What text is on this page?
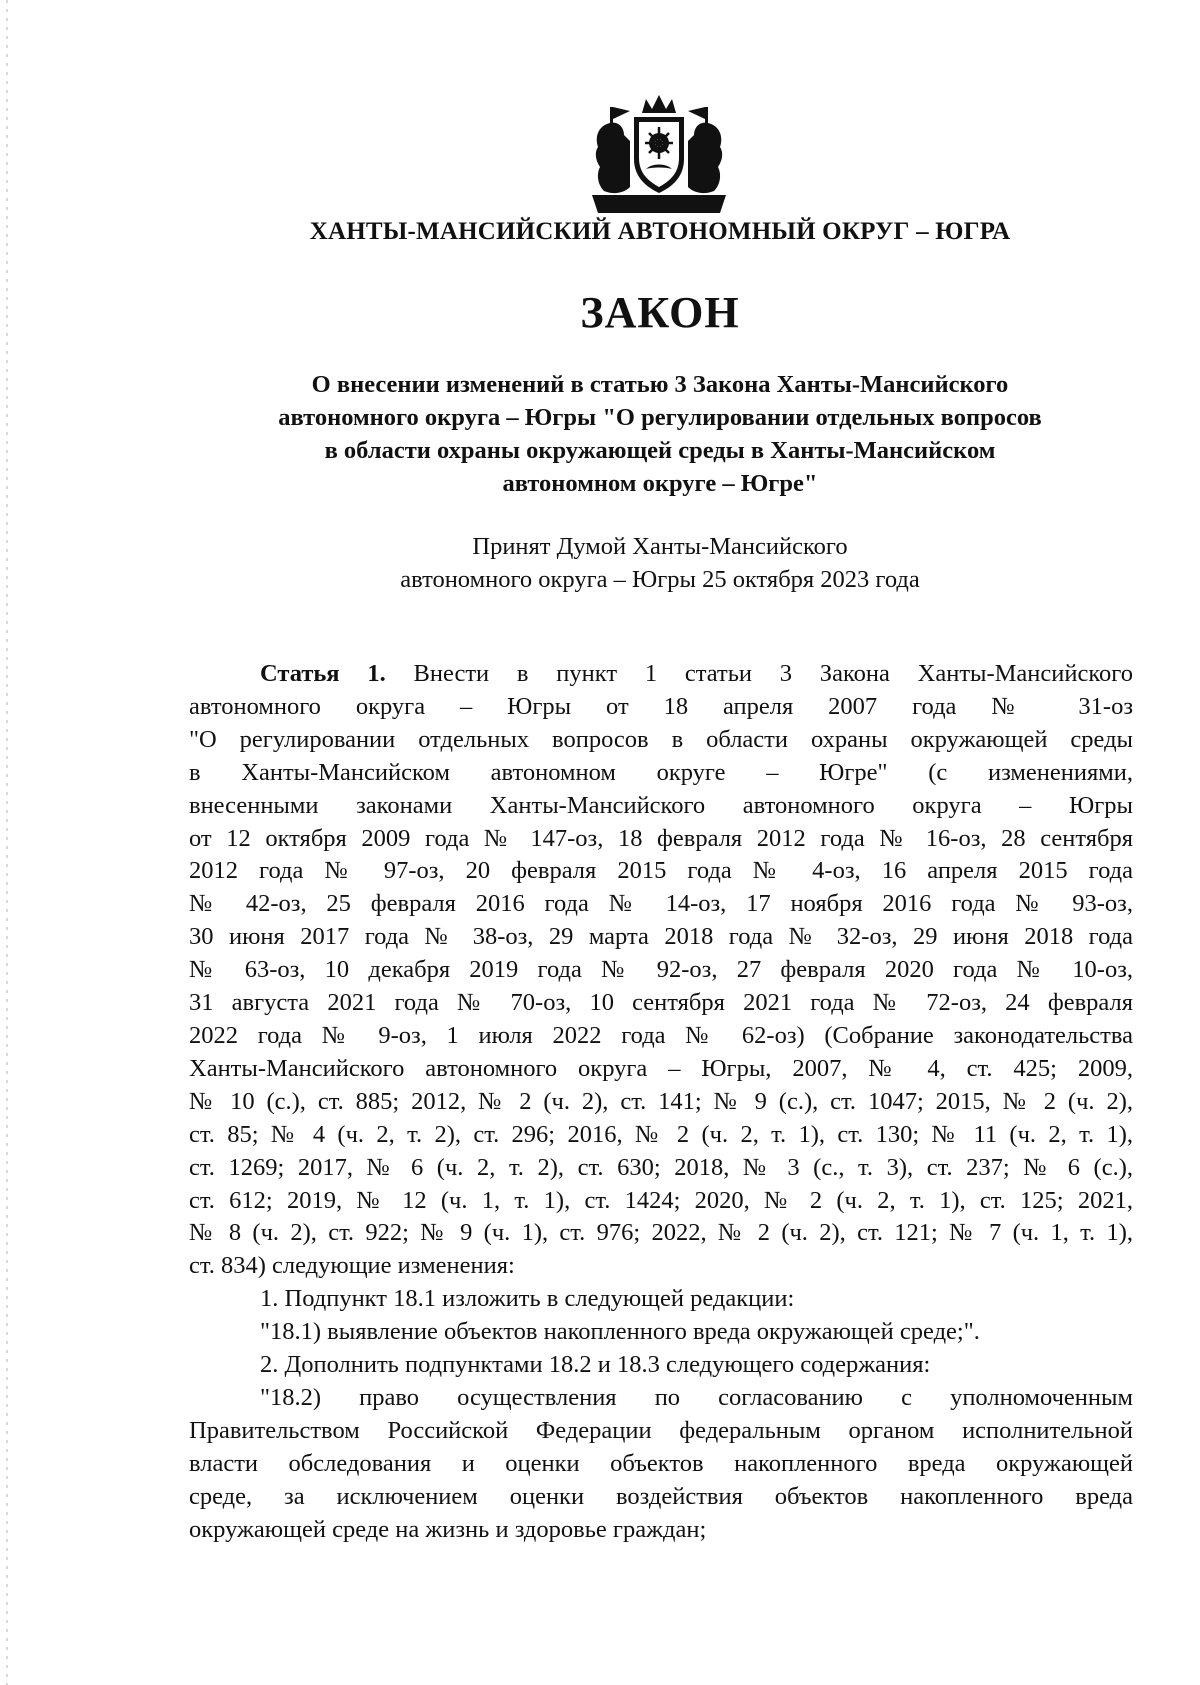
ХАНТЫ-МАНСИЙСКИЙ АВТОНОМНЫЙ ОКРУГ – ЮГРА
ЗАКОН
О внесении изменений в статью 3 Закона Ханты-Мансийского
автономного округа – Югры "О регулировании отдельных вопросов
в области охраны окружающей среды в Ханты-Мансийском
автономном округе – Югре"
Принят Думой Ханты-Мансийского
автономного округа – Югры 25 октября 2023 года
Статья 1. Внести в пункт 1 статьи 3 Закона Ханты-Мансийского
автономного округа – Югры от 18 апреля 2007 года № 31-оз
"О регулировании отдельных вопросов в области охраны окружающей среды
в Ханты-Мансийском автономном округе – Югре" (с изменениями,
внесенными законами Ханты-Мансийского автономного округа – Югры
от 12 октября 2009 года № 147-оз, 18 февраля 2012 года № 16-оз, 28 сентября
2012 года № 97-оз, 20 февраля 2015 года № 4-оз, 16 апреля 2015 года
№ 42-оз, 25 февраля 2016 года № 14-оз, 17 ноября 2016 года № 93-оз,
30 июня 2017 года № 38-оз, 29 марта 2018 года № 32-оз, 29 июня 2018 года
№ 63-оз, 10 декабря 2019 года № 92-оз, 27 февраля 2020 года № 10-оз,
31 августа 2021 года № 70-оз, 10 сентября 2021 года № 72-оз, 24 февраля
2022 года № 9-оз, 1 июля 2022 года № 62-оз) (Собрание законодательства
Ханты-Мансийского автономного округа – Югры, 2007, № 4, ст. 425; 2009,
№ 10 (с.), ст. 885; 2012, № 2 (ч. 2), ст. 141; № 9 (с.), ст. 1047; 2015, № 2 (ч. 2),
ст. 85; № 4 (ч. 2, т. 2), ст. 296; 2016, № 2 (ч. 2, т. 1), ст. 130; № 11 (ч. 2, т. 1),
ст. 1269; 2017, № 6 (ч. 2, т. 2), ст. 630; 2018, № 3 (с., т. 3), ст. 237; № 6 (с.),
ст. 612; 2019, № 12 (ч. 1, т. 1), ст. 1424; 2020, № 2 (ч. 2, т. 1), ст. 125; 2021,
№ 8 (ч. 2), ст. 922; № 9 (ч. 1), ст. 976; 2022, № 2 (ч. 2), ст. 121; № 7 (ч. 1, т. 1),
ст. 834) следующие изменения:
1. Подпункт 18.1 изложить в следующей редакции:
"18.1) выявление объектов накопленного вреда окружающей среде;".
2. Дополнить подпунктами 18.2 и 18.3 следующего содержания:
"18.2) право осуществления по согласованию с уполномоченным
Правительством Российской Федерации федеральным органом исполнительной
власти обследования и оценки объектов накопленного вреда окружающей
среде, за исключением оценки воздействия объектов накопленного вреда
окружающей среде на жизнь и здоровье граждан;
